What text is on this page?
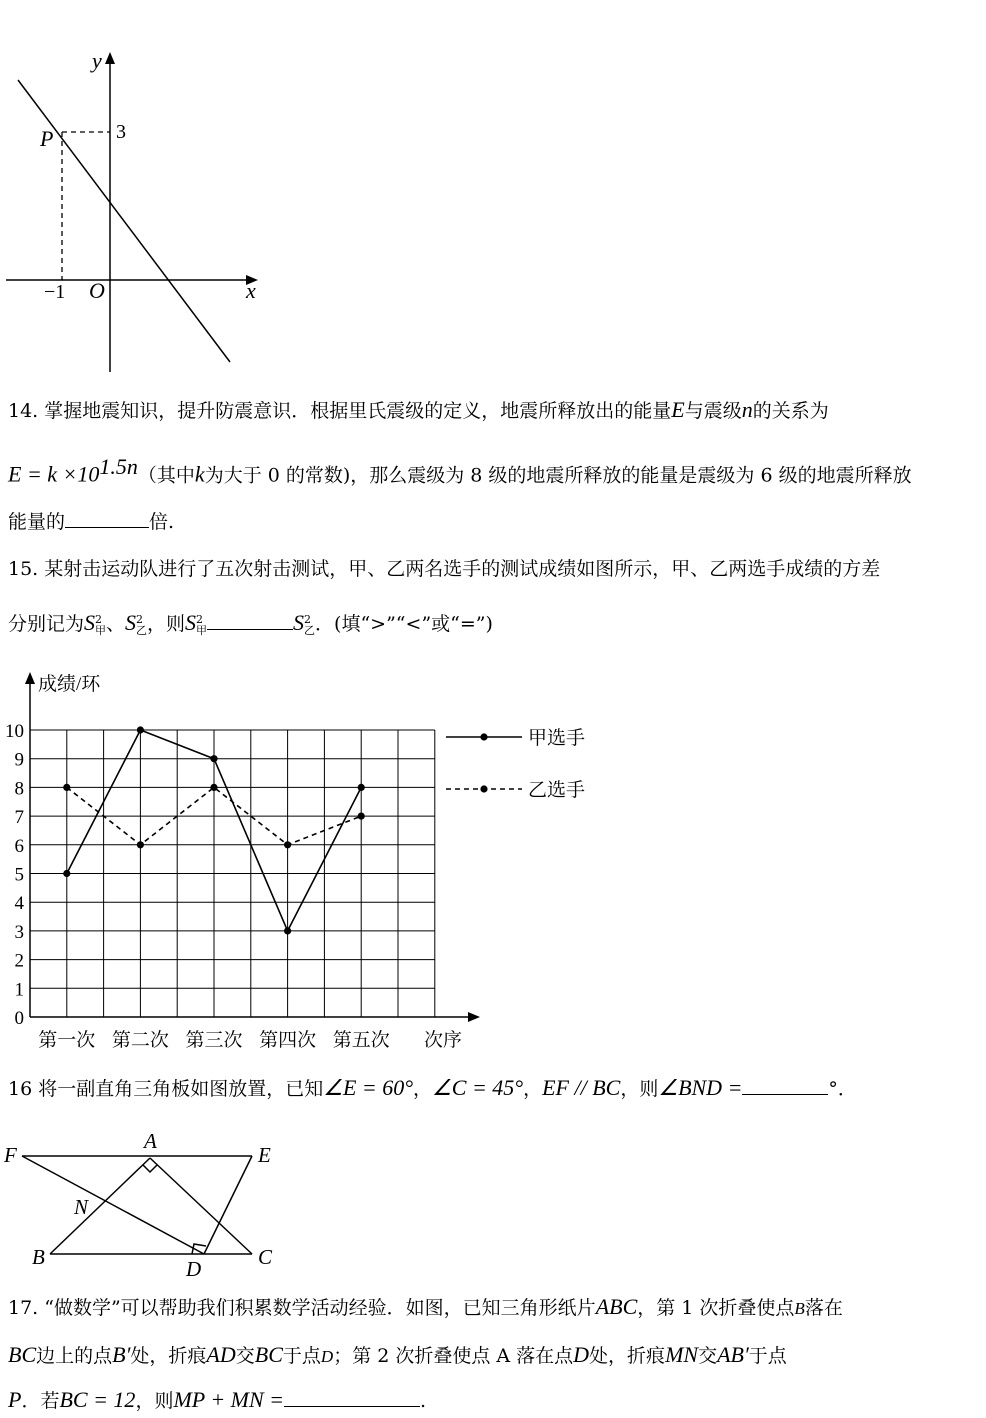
y
x
P	3
−1 O
14. 掌握地震知识，提升防震意识．根据里氏震级的定义，地震所释放出的能量E与震级n的关系为
$E = k \times 10^{1.5n}$（其中k为大于 0 的常数)，那么震级为 8 级的地震所释放的能量是震级为 6 级的地震所释放
能量的	倍.
15. 某射击运动队进行了五次射击测试，甲、乙两名选手的测试成绩如图所示，甲、乙两选手成绩的方差
分别记为S2
甲、S2
乙，则S2
甲	S2
乙．(填“>”“<”或“=”)
成绩/环
次序
0
1
2
3
4
5
6
7
8
9
10
第一次 第二次 第三次 第四次 第五次
甲选手
乙选手
16 将一副直角三角板如图放置，已知∠E = 60°，∠C = 45°，EF // BC，则∠BND =	°．
F
A
E
N
B	D	C
17. “做数学”可以帮助我们积累数学活动经验．如图，已知三角形纸片ABC，第 1 次折叠使点B落在
BC边上的点B′处，折痕AD交BC于点D；第 2 次折叠使点 A 落在点D处，折痕MN交AB′于点
P．若BC = 12，则MP + MN =	.
